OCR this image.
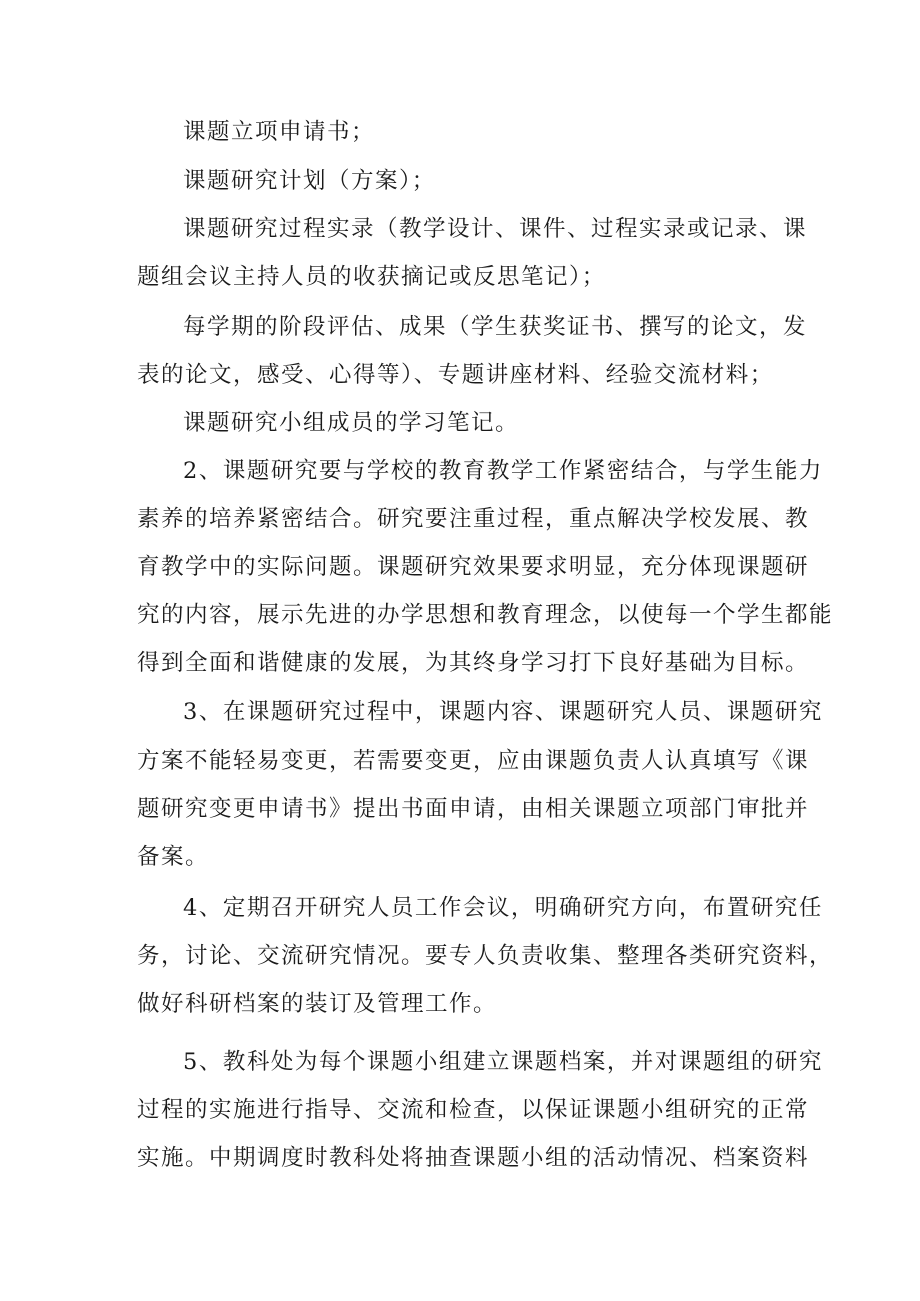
课题立项申请书；
课题研究计划（方案）；
课题研究过程实录（教学设计、课件、过程实录或记录、课
题组会议主持人员的收获摘记或反思笔记）；
每学期的阶段评估、成果（学生获奖证书、撰写的论文，发
表的论文，感受、心得等）、专题讲座材料、经验交流材料；
课题研究小组成员的学习笔记。
2、课题研究要与学校的教育教学工作紧密结合，与学生能力
素养的培养紧密结合。研究要注重过程，重点解决学校发展、教
育教学中的实际问题。课题研究效果要求明显，充分体现课题研
究的内容，展示先进的办学思想和教育理念，以使每一个学生都能
得到全面和谐健康的发展，为其终身学习打下良好基础为目标。
3、在课题研究过程中，课题内容、课题研究人员、课题研究
方案不能轻易变更，若需要变更，应由课题负责人认真填写《课
题研究变更申请书》提出书面申请，由相关课题立项部门审批并
备案。
4、定期召开研究人员工作会议，明确研究方向，布置研究任
务，讨论、交流研究情况。要专人负责收集、整理各类研究资料，
做好科研档案的装订及管理工作。
5、教科处为每个课题小组建立课题档案，并对课题组的研究
过程的实施进行指导、交流和检查，以保证课题小组研究的正常
实施。中期调度时教科处将抽查课题小组的活动情况、档案资料
